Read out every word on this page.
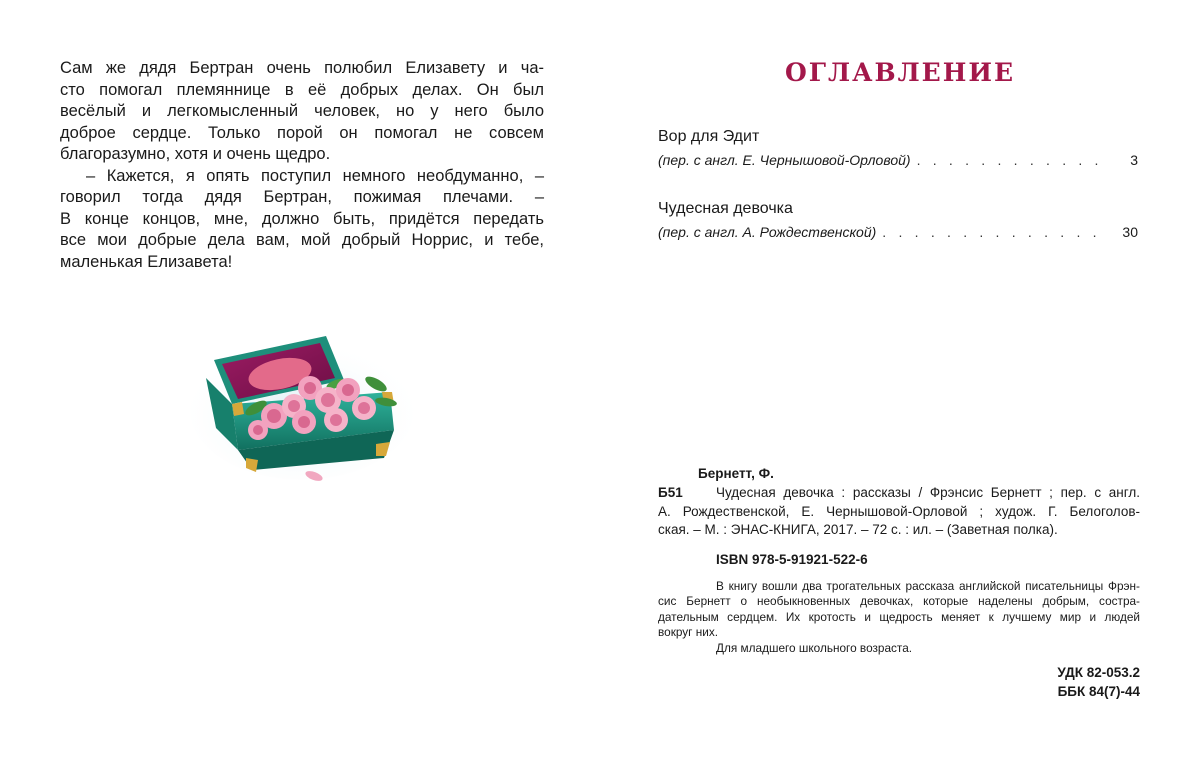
Сам же дядя Бертран очень полюбил Елизавету и ча-
сто помогал племяннице в её добрых делах. Он был
весёлый и легкомысленный человек, но у него было
доброе сердце. Только порой он помогал не совсем
благоразумно, хотя и очень щедро.
– Кажется, я опять поступил немного необдуманно, –
говорил тогда дядя Бертран, пожимая плечами. –
В конце концов, мне, должно быть, придётся передать
все мои добрые дела вам, мой добрый Норрис, и тебе,
маленькая Елизавета!
ОГЛАВЛЕНИЕ
Вор для Эдит
(пер. с англ. Е. Чернышовой-Орловой) . . .	3
Чудесная девочка
(пер. с англ. А. Рождественской) . . .	30
Бернетт, Ф.
Б51 Чудесная девочка : рассказы / Фрэнсис Бернетт ; пер. с англ.
А. Рождественской, Е. Чернышовой-Орловой ; худож. Г. Белоголов-
ская. – М. : ЭНАС-КНИГА, 2017. – 72 с. : ил. – (Заветная полка).
ISBN 978-5-91921-522-6
В книгу вошли два трогательных рассказа английской писательницы Фрэн-
сис Бернетт о необыкновенных девочках, которые наделены добрым, состра-
дательным сердцем. Их кротость и щедрость меняет к лучшему мир и людей
вокруг них.
Для младшего школьного возраста.
УДК 82-053.2
ББК 84(7)-44
